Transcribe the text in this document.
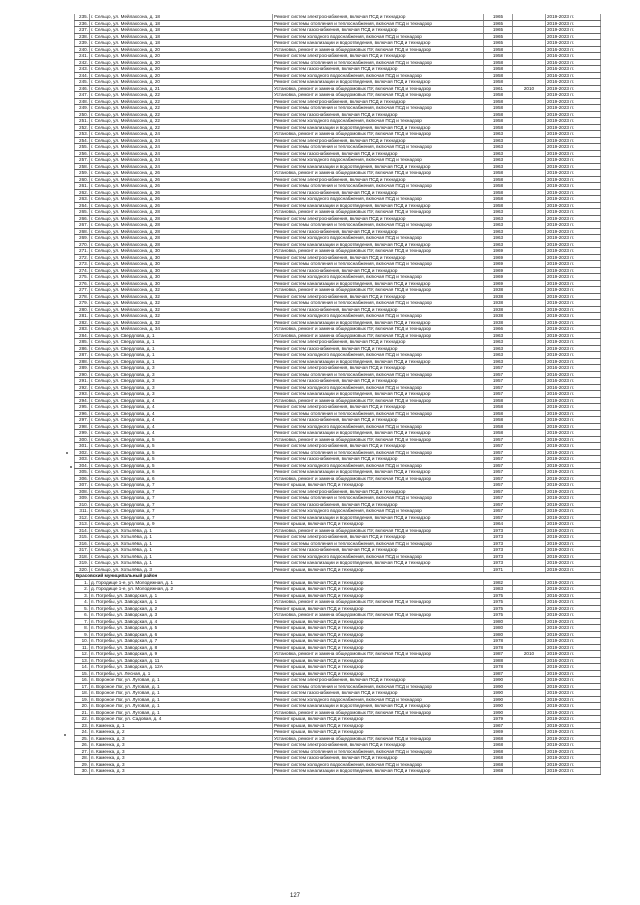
235.	г. Сельцо, ул. Мейлахсона, д. 18	Ремонт систем электроснабжения, включая ПСД и технадзор	1965		2019-2023 гг.
236.	г. Сельцо, ул. Мейлахсона, д. 18	Ремонт системы отопления и теплоснабжения, включая ПСД и технадзор	1965		2019-2023 гг.
237.	г. Сельцо, ул. Мейлахсона, д. 18	Ремонт систем газоснабжения, включая ПСД и технадзор	1965		2019-2023 гг.
238.	г. Сельцо, ул. Мейлахсона, д. 18	Ремонт систем холодного водоснабжения, включая ПСД и технадзор	1965		2019-2023 гг.
239.	г. Сельцо, ул. Мейлахсона, д. 18	Ремонт систем канализации и водоотведения, включая ПСД и технадзор	1965		2019-2023 гг.
240.	г. Сельцо, ул. Мейлахсона, д. 20	Установка, ремонт и замена общедомовых ПУ, включая ПСД и технадзор	1958		2016-2023 гг.
241.	г. Сельцо, ул. Мейлахсона, д. 20	Ремонт систем электроснабжения, включая ПСД и технадзор	1958		2016-2023 гг.
242.	г. Сельцо, ул. Мейлахсона, д. 20	Ремонт системы отопления и теплоснабжения, включая ПСД и технадзор	1958		2016-2023 гг.
243.	г. Сельцо, ул. Мейлахсона, д. 20	Ремонт систем газоснабжения, включая ПСД и технадзор	1958		2016-2023 гг.
244.	г. Сельцо, ул. Мейлахсона, д. 20	Ремонт систем холодного водоснабжения, включая ПСД и технадзор	1958		2016-2023 гг.
245.	г. Сельцо, ул. Мейлахсона, д. 20	Ремонт систем канализации и водоотведения, включая ПСД и технадзор	1958		2016-2023 гг.
246.	г. Сельцо, ул. Мейлахсона, д. 21	Установка, ремонт и замена общедомовых ПУ, включая ПСД и технадзор	1961	2010	2019-2023 гг.
247.	г. Сельцо, ул. Мейлахсона, д. 22	Установка, ремонт и замена общедомовых ПУ, включая ПСД и технадзор	1958		2019-2023 гг.
248.	г. Сельцо, ул. Мейлахсона, д. 22	Ремонт систем электроснабжения, включая ПСД и технадзор	1958		2019-2023 гг.
249.	г. Сельцо, ул. Мейлахсона, д. 22	Ремонт системы отопления и теплоснабжения, включая ПСД и технадзор	1958		2019-2023 гг.
250.	г. Сельцо, ул. Мейлахсона, д. 22	Ремонт систем газоснабжения, включая ПСД и технадзор	1958		2019-2023 гг.
251.	г. Сельцо, ул. Мейлахсона, д. 22	Ремонт систем холодного водоснабжения, включая ПСД и технадзор	1958		2019-2023 гг.
252.	г. Сельцо, ул. Мейлахсона, д. 22	Ремонт систем канализации и водоотведения, включая ПСД и технадзор	1958		2019-2023 гг.
253.	г. Сельцо, ул. Мейлахсона, д. 24	Установка, ремонт и замена общедомовых ПУ, включая ПСД и технадзор	1963		2019-2023 гг.
254.	г. Сельцо, ул. Мейлахсона, д. 24	Ремонт систем электроснабжения, включая ПСД и технадзор	1963		2019-2023 гг.
255.	г. Сельцо, ул. Мейлахсона, д. 24	Ремонт системы отопления и теплоснабжения, включая ПСД и технадзор	1963		2019-2023 гг.
256.	г. Сельцо, ул. Мейлахсона, д. 24	Ремонт систем газоснабжения, включая ПСД и технадзор	1963		2019-2023 гг.
257.	г. Сельцо, ул. Мейлахсона, д. 24	Ремонт систем холодного водоснабжения, включая ПСД и технадзор	1963		2019-2023 гг.
258.	г. Сельцо, ул. Мейлахсона, д. 24	Ремонт систем канализации и водоотведения, включая ПСД и технадзор	1963		2019-2023 гг.
259.	г. Сельцо, ул. Мейлахсона, д. 26	Установка, ремонт и замена общедомовых ПУ, включая ПСД и технадзор	1958		2019-2023 гг.
260.	г. Сельцо, ул. Мейлахсона, д. 26	Ремонт систем электроснабжения, включая ПСД и технадзор	1958		2019-2023 гг.
261.	г. Сельцо, ул. Мейлахсона, д. 26	Ремонт системы отопления и теплоснабжения, включая ПСД и технадзор	1958		2019-2023 гг.
262.	г. Сельцо, ул. Мейлахсона, д. 26	Ремонт систем газоснабжения, включая ПСД и технадзор	1958		2019-2023 гг.
263.	г. Сельцо, ул. Мейлахсона, д. 26	Ремонт систем холодного водоснабжения, включая ПСД и технадзор	1958		2019-2023 гг.
264.	г. Сельцо, ул. Мейлахсона, д. 26	Ремонт систем канализации и водоотведения, включая ПСД и технадзор	1958		2019-2023 гг.
265.	г. Сельцо, ул. Мейлахсона, д. 28	Установка, ремонт и замена общедомовых ПУ, включая ПСД и технадзор	1963		2019-2023 гг.
266.	г. Сельцо, ул. Мейлахсона, д. 28	Ремонт систем электроснабжения, включая ПСД и технадзор	1963		2019-2023 гг.
267.	г. Сельцо, ул. Мейлахсона, д. 28	Ремонт системы отопления и теплоснабжения, включая ПСД и технадзор	1963		2019-2023 гг.
268.	г. Сельцо, ул. Мейлахсона, д. 28	Ремонт систем газоснабжения, включая ПСД и технадзор	1963		2019-2023 гг.
269.	г. Сельцо, ул. Мейлахсона, д. 28	Ремонт систем холодного водоснабжения, включая ПСД и технадзор	1963		2019-2023 гг.
270.	г. Сельцо, ул. Мейлахсона, д. 28	Ремонт систем канализации и водоотведения, включая ПСД и технадзор	1963		2019-2023 гг.
271.	г. Сельцо, ул. Мейлахсона, д. 30	Установка, ремонт и замена общедомовых ПУ, включая ПСД и технадзор	1969		2019-2023 гг.
272.	г. Сельцо, ул. Мейлахсона, д. 30	Ремонт систем электроснабжения, включая ПСД и технадзор	1969		2019-2023 гг.
273.	г. Сельцо, ул. Мейлахсона, д. 30	Ремонт системы отопления и теплоснабжения, включая ПСД и технадзор	1969		2019-2023 гг.
274.	г. Сельцо, ул. Мейлахсона, д. 30	Ремонт систем газоснабжения, включая ПСД и технадзор	1969		2019-2023 гг.
275.	г. Сельцо, ул. Мейлахсона, д. 30	Ремонт систем холодного водоснабжения, включая ПСД и технадзор	1969		2019-2023 гг.
276.	г. Сельцо, ул. Мейлахсона, д. 30	Ремонт систем канализации и водоотведения, включая ПСД и технадзор	1969		2019-2023 гг.
277.	г. Сельцо, ул. Мейлахсона, д. 32	Установка, ремонт и замена общедомовых ПУ, включая ПСД и технадзор	1938		2019-2023 гг.
278.	г. Сельцо, ул. Мейлахсона, д. 32	Ремонт систем электроснабжения, включая ПСД и технадзор	1938		2019-2023 гг.
279.	г. Сельцо, ул. Мейлахсона, д. 32	Ремонт системы отопления и теплоснабжения, включая ПСД и технадзор	1938		2019-2023 гг.
280.	г. Сельцо, ул. Мейлахсона, д. 32	Ремонт систем газоснабжения, включая ПСД и технадзор	1938		2019-2023 гг.
281.	г. Сельцо, ул. Мейлахсона, д. 32	Ремонт систем холодного водоснабжения, включая ПСД и технадзор	1938		2019-2023 гг.
282.	г. Сельцо, ул. Мейлахсона, д. 32	Ремонт систем канализации и водоотведения, включая ПСД и технадзор	1938		2019-2023 гг.
283.	г. Сельцо, ул. Мейлахсона, д. 34	Установка, ремонт и замена общедомовых ПУ, включая ПСД и технадзор	1966		2019-2023 гг.
284.	г. Сельцо, ул. Свердлова, д. 1	Установка, ремонт и замена общедомовых ПУ, включая ПСД и технадзор	1963		2019-2023 гг.
285.	г. Сельцо, ул. Свердлова, д. 1	Ремонт систем электроснабжения, включая ПСД и технадзор	1963		2019-2023 гг.
286.	г. Сельцо, ул. Свердлова, д. 1	Ремонт систем газоснабжения, включая ПСД и технадзор	1963		2019-2023 гг.
287.	г. Сельцо, ул. Свердлова, д. 1	Ремонт систем холодного водоснабжения, включая ПСД и технадзор	1963		2019-2023 гг.
288.	г. Сельцо, ул. Свердлова, д. 1	Ремонт систем канализации и водоотведения, включая ПСД и технадзор	1963		2019-2023 гг.
289.	г. Сельцо, ул. Свердлова, д. 3	Ремонт систем электроснабжения, включая ПСД и технадзор	1957		2016-2023 гг.
290.	г. Сельцо, ул. Свердлова, д. 3	Ремонт системы отопления и теплоснабжения, включая ПСД и технадзор	1957		2016-2023 гг.
291.	г. Сельцо, ул. Свердлова, д. 3	Ремонт систем газоснабжения, включая ПСД и технадзор	1957		2016-2023 гг.
292.	г. Сельцо, ул. Свердлова, д. 3	Ремонт систем холодного водоснабжения, включая ПСД и технадзор	1957		2016-2023 гг.
293.	г. Сельцо, ул. Свердлова, д. 3	Ремонт систем канализации и водоотведения, включая ПСД и технадзор	1957		2016-2023 гг.
294.	г. Сельцо, ул. Свердлова, д. 4	Установка, ремонт и замена общедомовых ПУ, включая ПСД и технадзор	1958		2019-2023 гг.
295.	г. Сельцо, ул. Свердлова, д. 4	Ремонт систем электроснабжения, включая ПСД и технадзор	1958		2019-2023 гг.
296.	г. Сельцо, ул. Свердлова, д. 4	Ремонт системы отопления и теплоснабжения, включая ПСД и технадзор	1958		2019-2023 гг.
297.	г. Сельцо, ул. Свердлова, д. 4	Ремонт систем газоснабжения, включая ПСД и технадзор	1958		2019-2023 гг.
298.	г. Сельцо, ул. Свердлова, д. 4	Ремонт систем холодного водоснабжения, включая ПСД и технадзор	1958		2019-2023 гг.
299.	г. Сельцо, ул. Свердлова, д. 4	Ремонт систем канализации и водоотведения, включая ПСД и технадзор	1958		2019-2023 гг.
300.	г. Сельцо, ул. Свердлова, д. 5	Установка, ремонт и замена общедомовых ПУ, включая ПСД и технадзор	1957		2019-2023 гг.
301.	г. Сельцо, ул. Свердлова, д. 5	Ремонт систем электроснабжения, включая ПСД и технадзор	1957		2019-2023 гг.
302.	г. Сельцо, ул. Свердлова, д. 5	Ремонт системы отопления и теплоснабжения, включая ПСД и технадзор	1957		2019-2023 гг.
303.	г. Сельцо, ул. Свердлова, д. 5	Ремонт систем газоснабжения, включая ПСД и технадзор	1957		2019-2023 гг.
304.	г. Сельцо, ул. Свердлова, д. 5	Ремонт систем холодного водоснабжения, включая ПСД и технадзор	1957		2019-2023 гг.
305.	г. Сельцо, ул. Свердлова, д. 6	Ремонт систем канализации и водоотведения, включая ПСД и технадзор	1957		2019-2023 гг.
306.	г. Сельцо, ул. Свердлова, д. 6	Установка, ремонт и замена общедомовых ПУ, включая ПСД и технадзор	1957		2019-2023 гг.
307.	г. Сельцо, ул. Свердлова, д. 7	Ремонт крыши, включая ПСД и технадзор	1957		2019-2023 гг.
308.	г. Сельцо, ул. Свердлова, д. 7	Ремонт систем электроснабжения, включая ПСД и технадзор	1957		2019-2023 гг.
309.	г. Сельцо, ул. Свердлова, д. 7	Ремонт системы отопления и теплоснабжения, включая ПСД и технадзор	1957		2019-2023 гг.
310.	г. Сельцо, ул. Свердлова, д. 7	Ремонт систем газоснабжения, включая ПСД и технадзор	1957		2019-2023 гг.
311.	г. Сельцо, ул. Свердлова, д. 7	Ремонт систем холодного водоснабжения, включая ПСД и технадзор	1957		2019-2023 гг.
312.	г. Сельцо, ул. Свердлова, д. 7	Ремонт систем канализации и водоотведения, включая ПСД и технадзор	1957		2019-2023 гг.
313.	г. Сельцо, ул. Свердлова, д. 9	Ремонт крыши, включая ПСД и технадзор	1964		2019-2023 гг.
314.	г. Сельцо, ул. Хотылёва, д. 1	Установка, ремонт и замена общедомовых ПУ, включая ПСД и технадзор	1973		2019-2023 гг.
315.	г. Сельцо, ул. Хотылёва, д. 1	Ремонт систем электроснабжения, включая ПСД и технадзор	1973		2019-2023 гг.
316.	г. Сельцо, ул. Хотылёва, д. 1	Ремонт системы отопления и теплоснабжения, включая ПСД и технадзор	1973		2019-2023 гг.
317.	г. Сельцо, ул. Хотылёва, д. 1	Ремонт систем газоснабжения, включая ПСД и технадзор	1973		2019-2023 гг.
318.	г. Сельцо, ул. Хотылёва, д. 1	Ремонт систем холодного водоснабжения, включая ПСД и технадзор	1973		2019-2023 гг.
319.	г. Сельцо, ул. Хотылёва, д. 1	Ремонт систем канализации и водоотведения, включая ПСД и технадзор	1973		2019-2023 гг.
320.	г. Сельцо, ул. Хотылёва, д. 3	Ремонт крыши, включая ПСД и технадзор	1971		2019-2023 гг.
Брасовский муниципальный район					
1.	д. Городище 1-е, ул. Молодежная, д. 1	Ремонт крыши, включая ПСД и технадзор	1982		2019-2023 гг.
2.	д. Городище 1-е, ул. Молодежная, д. 2	Ремонт крыши, включая ПСД и технадзор	1983		2019-2023 гг.
3.	п. Погребы, ул. Заводская, д. 1	Ремонт крыши, включая ПСД и технадзор	1975		2016-2023 гг.
4.	п. Погребы, ул. Заводская, д. 1	Установка, ремонт и замена общедомовых ПУ, включая ПСД и технадзор	1975		2016-2023 гг.
5.	п. Погребы, ул. Заводская, д. 2	Ремонт крыши, включая ПСД и технадзор	1975		2019-2023 гг.
6.	п. Погребы, ул. Заводская, д. 3	Установка, ремонт и замена общедомовых ПУ, включая ПСД и технадзор	1975		2019-2023 гг.
7.	п. Погребы, ул. Заводская, д. 4	Ремонт крыши, включая ПСД и технадзор	1980		2019-2023 гг.
8.	п. Погребы, ул. Заводская, д. 5	Ремонт крыши, включая ПСД и технадзор	1980		2019-2023 гг.
9.	п. Погребы, ул. Заводская, д. 6	Ремонт крыши, включая ПСД и технадзор	1980		2019-2023 гг.
10.	п. Погребы, ул. Заводская, д. 7	Ремонт крыши, включая ПСД и технадзор	1978		2019-2023 гг.
11.	п. Погребы, ул. Заводская, д. 8	Ремонт крыши, включая ПСД и технадзор	1978		2019-2023 гг.
12.	п. Погребы, ул. Заводская, д. 9	Установка, ремонт и замена общедомовых ПУ, включая ПСД и технадзор	1987	2010	2019-2023 гг.
13.	п. Погребы, ул. Заводская, д. 11	Ремонт крыши, включая ПСД и технадзор	1988		2016-2023 гг.
14.	п. Погребы, ул. Заводская, д. 12А	Ремонт крыши, включая ПСД и технадзор	1978		2019-2023 гг.
15.	п. Погребы, ул. Лесная, д. 1	Ремонт крыши, включая ПСД и технадзор	1987		2019-2023 гг.
16.	п. Вороное Лог, ул. Луговая, д. 1	Ремонт систем электроснабжения, включая ПСД и технадзор	1990		2019-2023 гг.
17.	п. Вороное Лог, ул. Луговая, д. 1	Ремонт системы отопления и теплоснабжения, включая ПСД и технадзор	1990		2019-2023 гг.
18.	п. Вороное Лог, ул. Луговая, д. 1	Ремонт систем газоснабжения, включая ПСД и технадзор	1990		2019-2023 гг.
19.	п. Вороное Лог, ул. Луговая, д. 1	Ремонт систем холодного водоснабжения, включая ПСД и технадзор	1990		2019-2023 гг.
20.	п. Вороное Лог, ул. Луговая, д. 1	Ремонт систем канализации и водоотведения, включая ПСД и технадзор	1990		2019-2023 гг.
21.	п. Вороное Лог, ул. Луговая, д. 1	Установка, ремонт и замена общедомовых ПУ, включая ПСД и технадзор	1990		2019-2023 гг.
22.	п. Вороное Лог, ул. Садовая, д. 4	Ремонт крыши, включая ПСД и технадзор	1979		2019-2023 гг.
23.	п. Каменка, д. 1	Ремонт крыши, включая ПСД и технадзор	1967		2019-2023 гг.
24.	п. Каменка, д. 2	Ремонт крыши, включая ПСД и технадзор	1969		2019-2023 гг.
25.	п. Каменка, д. 3	Установка, ремонт и замена общедомовых ПУ, включая ПСД и технадзор	1968		2019-2023 гг.
26.	п. Каменка, д. 3	Ремонт систем электроснабжения, включая ПСД и технадзор	1968		2019-2023 гг.
27.	п. Каменка, д. 3	Ремонт системы отопления и теплоснабжения, включая ПСД и технадзор	1968		2019-2023 гг.
28.	п. Каменка, д. 3	Ремонт систем газоснабжения, включая ПСД и технадзор	1968		2019-2023 гг.
29.	п. Каменка, д. 3	Ремонт систем холодного водоснабжения, включая ПСД и технадзор	1968		2019-2023 гг.
30.	п. Каменка, д. 3	Ремонт систем канализации и водоотведения, включая ПСД и технадзор	1968		2019-2023 гг.
127
